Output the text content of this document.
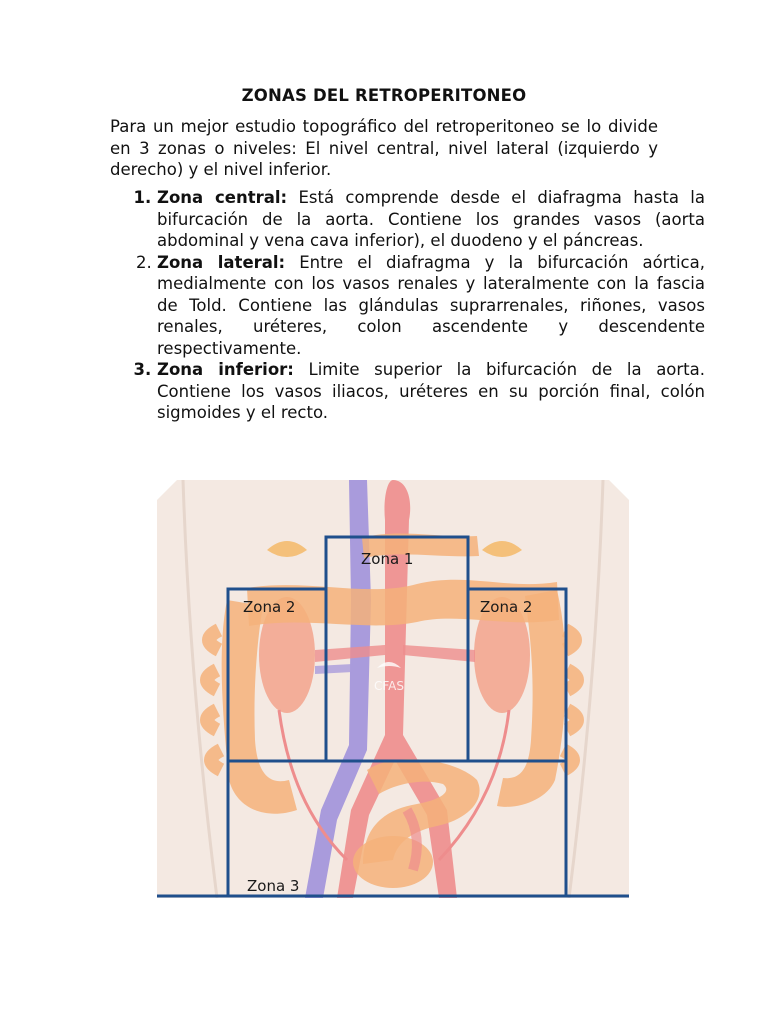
ZONAS DEL RETROPERITONEO

Para un mejor estudio topográfico del retroperitoneo se lo divide en 3 zonas o niveles: El nivel central, nivel lateral (izquierdo y derecho) y el nivel inferior.

1. Zona central: Está comprende desde el diafragma hasta la bifurcación de la aorta. Contiene los grandes vasos (aorta abdominal y vena cava inferior), el duodeno y el páncreas.
2. Zona lateral: Entre el diafragma y la bifurcación aórtica, medialmente con los vasos renales y lateralmente con la fascia de Told. Contiene las glándulas suprarrenales, riñones, vasos renales, uréteres, colon ascendente y descendente respectivamente.
3. Zona inferior: Limite superior la bifurcación de la aorta. Contiene los vasos iliacos, uréteres en su porción final, colón sigmoides y el recto.
CFAS
Zona 1
Zona 2	Zona 2
Zona 3
